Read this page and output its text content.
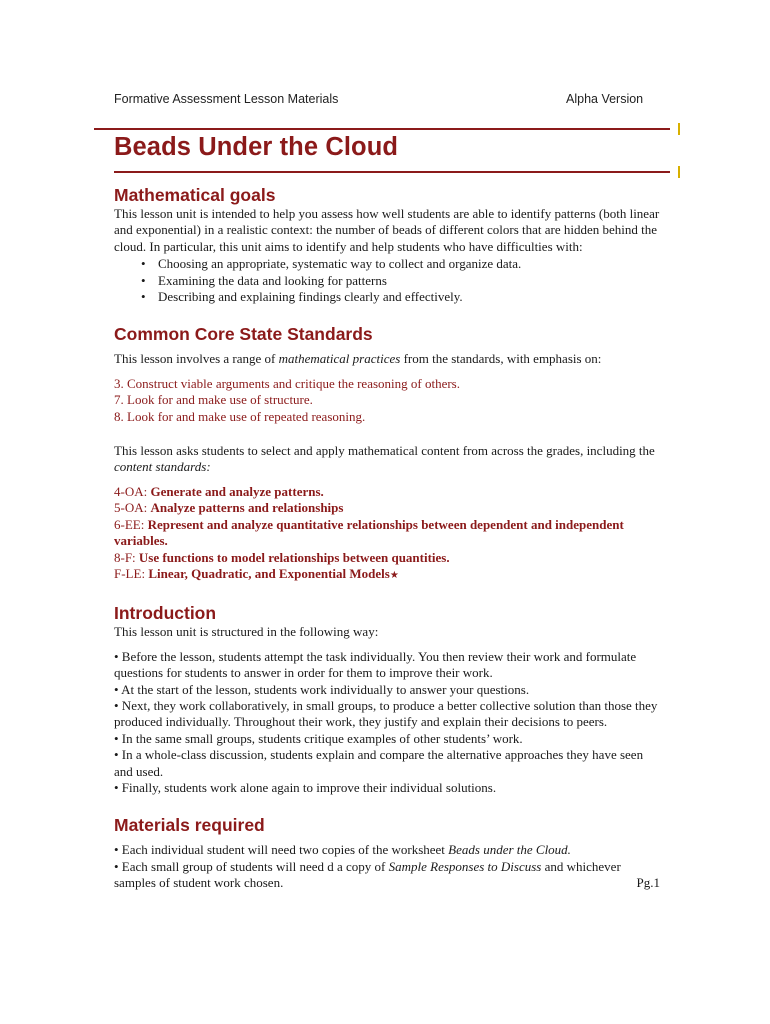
Formative Assessment Lesson Materials	Alpha Version
Beads Under the Cloud
Mathematical goals

This lesson unit is intended to help you assess how well students are able to identify patterns (both linear and exponential) in a realistic context: the number of beads of different colors that are hidden behind the cloud. In particular, this unit aims to identify and help students who have difficulties with:

• Choosing an appropriate, systematic way to collect and organize data.
• Examining the data and looking for patterns
• Describing and explaining findings clearly and effectively.
Common Core State Standards

This lesson involves a range of mathematical practices from the standards, with emphasis on:

3. Construct viable arguments and critique the reasoning of others.

7. Look for and make use of structure.

8. Look for and make use of repeated reasoning.

This lesson asks students to select and apply mathematical content from across the grades, including the content standards:

4-OA: Generate and analyze patterns.

5-OA: Analyze patterns and relationships

6-EE: Represent and analyze quantitative relationships between dependent and independent variables.

8-F: Use functions to model relationships between quantities.

F-LE: Linear, Quadratic, and Exponential Models★

Introduction

This lesson unit is structured in the following way:

• Before the lesson, students attempt the task individually. You then review their work and formulate questions for students to answer in order for them to improve their work.

• At the start of the lesson, students work individually to answer your questions.

• Next, they work collaboratively, in small groups, to produce a better collective solution than those they produced individually. Throughout their work, they justify and explain their decisions to peers.

• In the same small groups, students critique examples of other students’ work.

• In a whole-class discussion, students explain and compare the alternative approaches they have seen and used.

• Finally, students work alone again to improve their individual solutions.

Materials required

• Each individual student will need two copies of the worksheet Beads under the Cloud.

• Each small group of students will need d a copy of Sample Responses to Discuss and whichever samples of student work chosen.	Pg.1
